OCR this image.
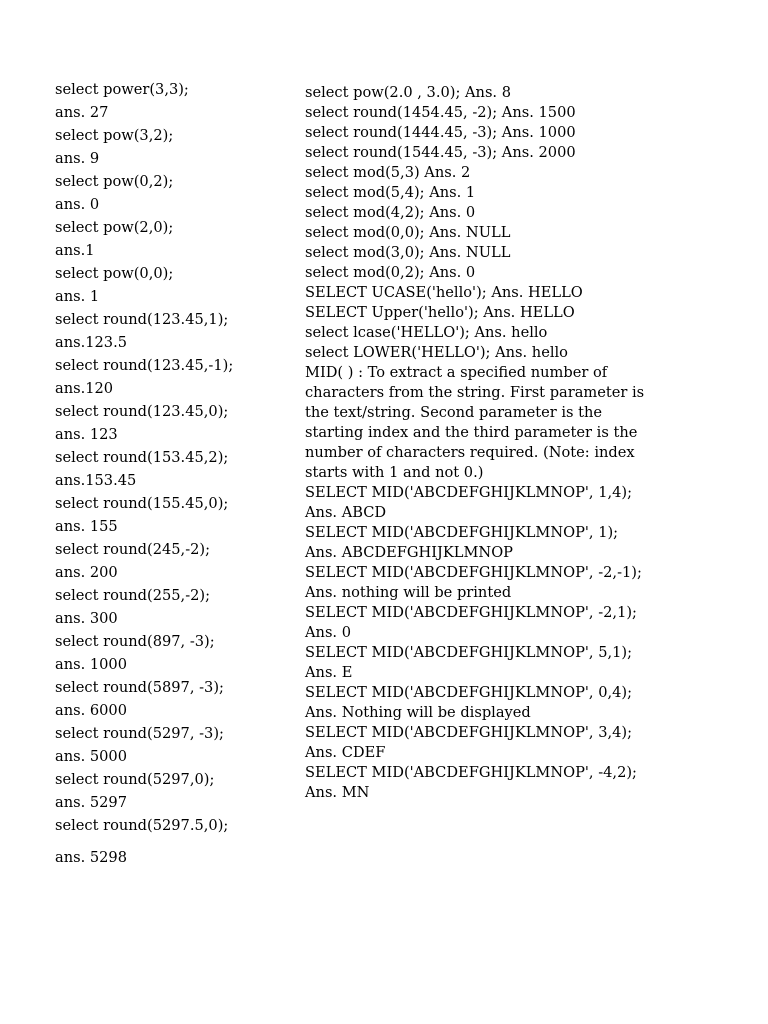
select power(3,3);
ans. 27
select pow(3,2);
ans. 9
select pow(0,2);
ans. 0
select pow(2,0);
ans.1
select pow(0,0);
ans. 1
select round(123.45,1);
ans.123.5
select round(123.45,-1);
ans.120
select round(123.45,0);
ans. 123
select round(153.45,2);
ans.153.45
select round(155.45,0);
ans. 155
select round(245,-2);
ans. 200
select round(255,-2);
ans. 300
select round(897, -3);
ans. 1000
select round(5897, -3);
ans. 6000
select round(5297, -3);
ans. 5000
select round(5297,0);
ans. 5297
select round(5297.5,0);
ans. 5298
select pow(2.0 , 3.0); Ans. 8
select round(1454.45, -2); Ans. 1500
select round(1444.45, -3); Ans. 1000
select round(1544.45, -3); Ans. 2000
select mod(5,3) Ans. 2
select mod(5,4); Ans. 1
select mod(4,2); Ans. 0
select mod(0,0); Ans. NULL
select mod(3,0); Ans. NULL
select mod(0,2); Ans. 0
SELECT UCASE('hello'); Ans. HELLO
SELECT Upper('hello'); Ans. HELLO
select lcase('HELLO'); Ans. hello
select LOWER('HELLO'); Ans. hello
MID( ) : To extract a specified number of
characters from the string. First parameter is
the text/string. Second parameter is the
starting index and the third parameter is the
number of characters required. (Note: index
starts with 1 and not 0.)
SELECT MID('ABCDEFGHIJKLMNOP', 1,4);
Ans. ABCD
SELECT MID('ABCDEFGHIJKLMNOP', 1);
Ans. ABCDEFGHIJKLMNOP
SELECT MID('ABCDEFGHIJKLMNOP', -2,-1);
Ans. nothing will be printed
SELECT MID('ABCDEFGHIJKLMNOP', -2,1);
Ans. 0
SELECT MID('ABCDEFGHIJKLMNOP', 5,1);
Ans. E
SELECT MID('ABCDEFGHIJKLMNOP', 0,4);
Ans. Nothing will be displayed
SELECT MID('ABCDEFGHIJKLMNOP', 3,4);
Ans. CDEF
SELECT MID('ABCDEFGHIJKLMNOP', -4,2);
Ans. MN
